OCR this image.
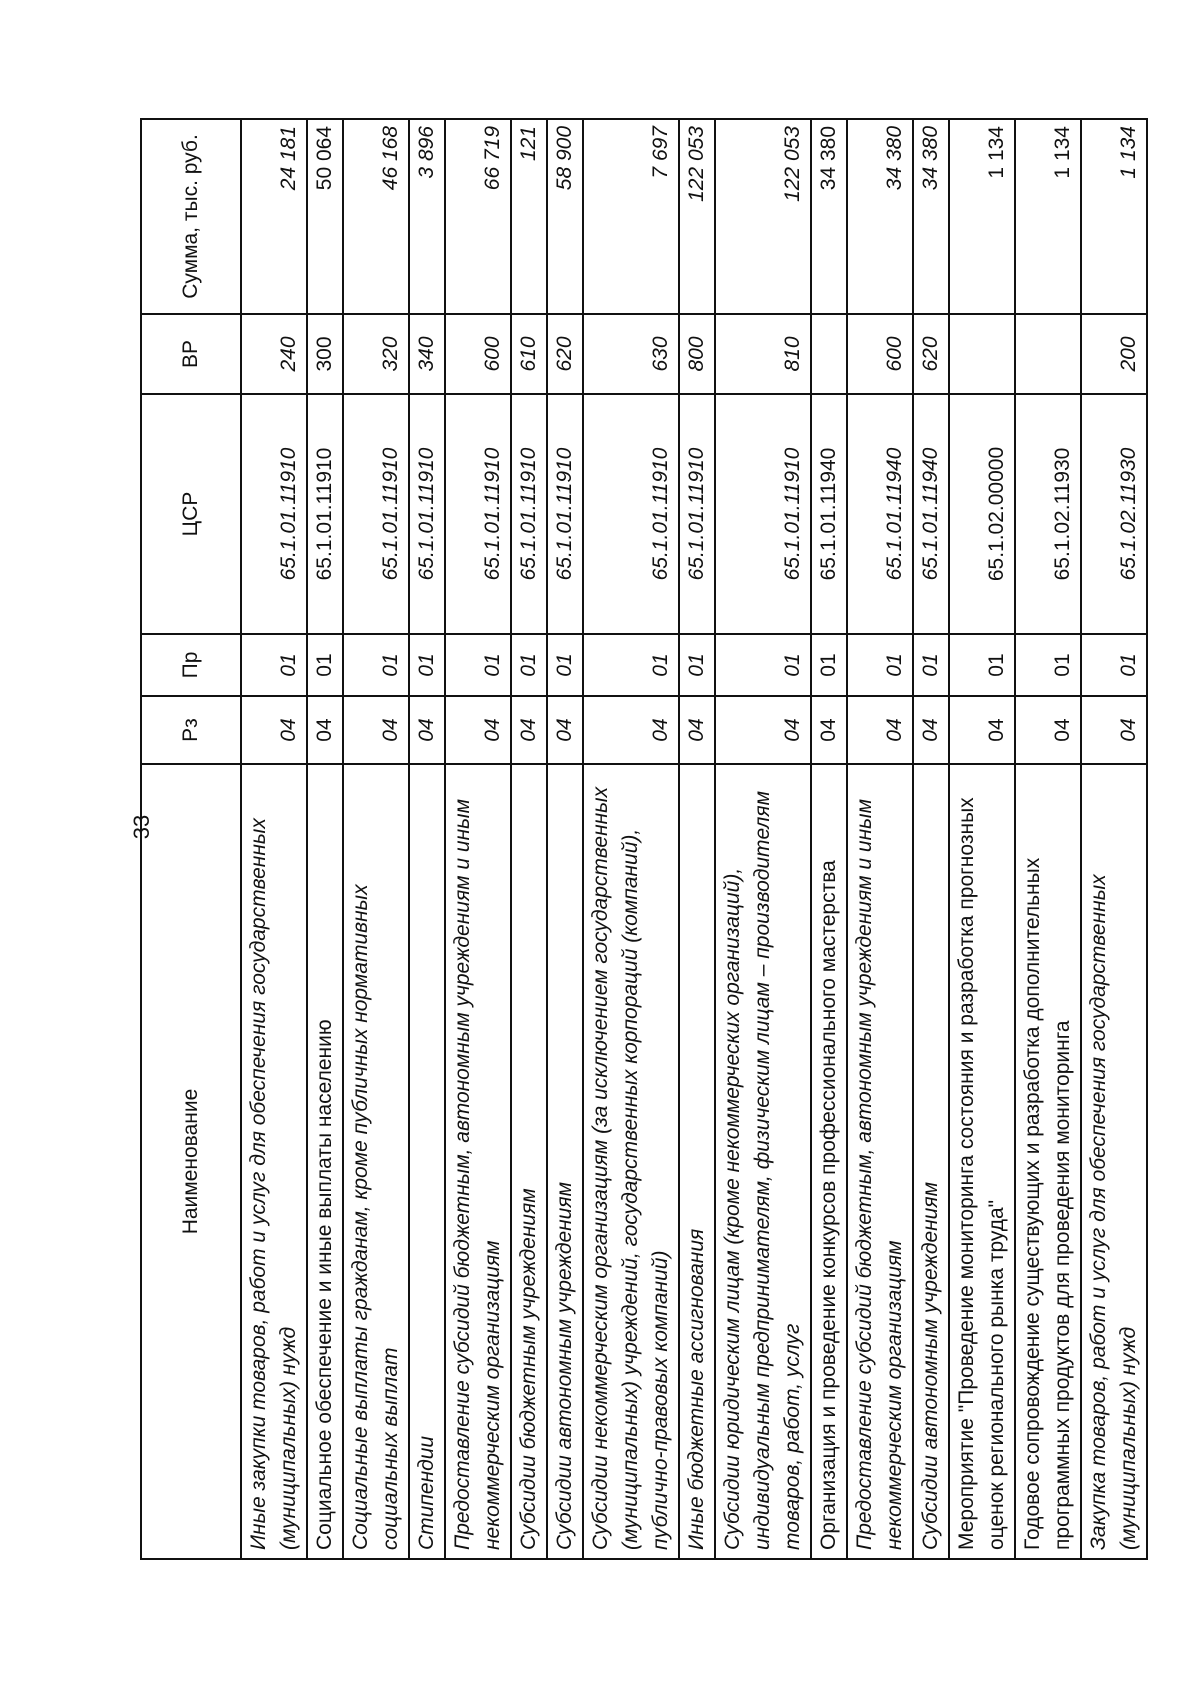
33
Наименование	Рз	Пр	ЦСР	ВР	Сумма, тыс. руб.
Иные закупки товаров, работ и услуг для обеспечения государственных (муниципальных) нужд	04	01	65.1.01.11910	240	24 181
Социальное обеспечение и иные выплаты населению	04	01	65.1.01.11910	300	50 064
Социальные выплаты гражданам, кроме публичных нормативных социальных выплат	04	01	65.1.01.11910	320	46 168
Стипендии	04	01	65.1.01.11910	340	3 896
Предоставление субсидий бюджетным, автономным учреждениям и иным некоммерческим организациям	04	01	65.1.01.11910	600	66 719
Субсидии бюджетным учреждениям	04	01	65.1.01.11910	610	121
Субсидии автономным учреждениям	04	01	65.1.01.11910	620	58 900
Субсидии некоммерческим организациям (за исключением государственных (муниципальных) учреждений, государственных корпораций (компаний), публично-правовых компаний)	04	01	65.1.01.11910	630	7 697
Иные бюджетные ассигнования	04	01	65.1.01.11910	800	122 053
Субсидии юридическим лицам (кроме некоммерческих организаций), индивидуальным предпринимателям, физическим лицам – производителям товаров, работ, услуг	04	01	65.1.01.11910	810	122 053
Организация и проведение конкурсов профессионального мастерства	04	01	65.1.01.11940		34 380
Предоставление субсидий бюджетным, автономным учреждениям и иным некоммерческим организациям	04	01	65.1.01.11940	600	34 380
Субсидии автономным учреждениям	04	01	65.1.01.11940	620	34 380
Мероприятие "Проведение мониторинга состояния и разработка прогнозных оценок регионального рынка труда"	04	01	65.1.02.00000		1 134
Годовое сопровождение существующих и разработка дополнительных программных продуктов для проведения мониторинга	04	01	65.1.02.11930		1 134
Закупка товаров, работ и услуг для обеспечения государственных (муниципальных) нужд	04	01	65.1.02.11930	200	1 134
